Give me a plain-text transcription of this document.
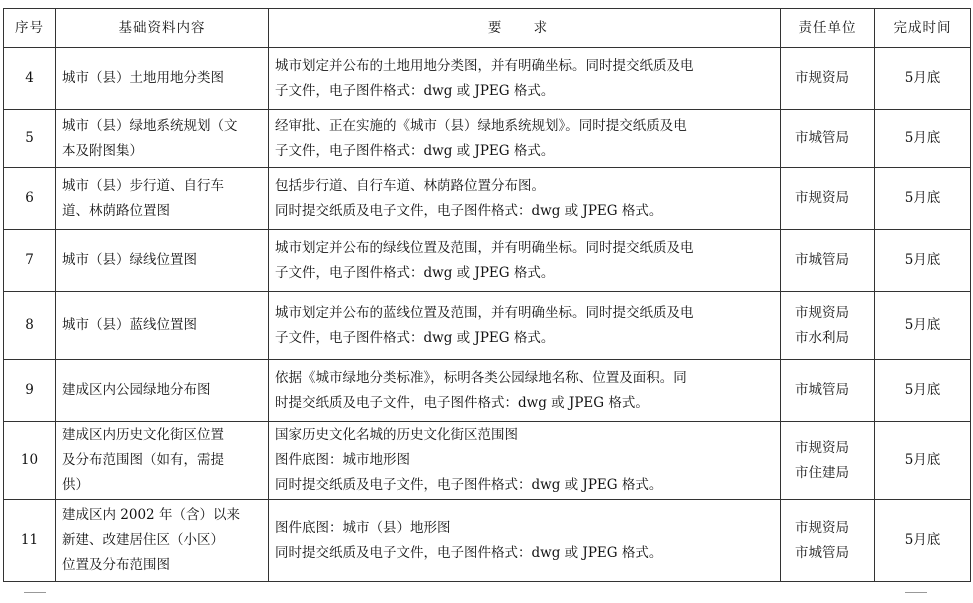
序号	基础资料内容	要 求	责任单位	完成时间
4	城市（县）土地用地分类图	城市划定并公布的土地用地分类图，并有明确坐标。同时提交纸质及电
子文件，电子图件格式：dwg 或 JPEG 格式。	市规资局	5月底
5	城市（县）绿地系统规划（文
本及附图集）	经审批、正在实施的《城市（县）绿地系统规划》。同时提交纸质及电
子文件，电子图件格式：dwg 或 JPEG 格式。	市城管局	5月底
6	城市（县）步行道、自行车
道、林荫路位置图	包括步行道、自行车道、林荫路位置分布图。
同时提交纸质及电子文件，电子图件格式：dwg 或 JPEG 格式。	市规资局	5月底
7	城市（县）绿线位置图	城市划定并公布的绿线位置及范围，并有明确坐标。同时提交纸质及电
子文件，电子图件格式：dwg 或 JPEG 格式。	市城管局	5月底
8	城市（县）蓝线位置图	城市划定并公布的蓝线位置及范围，并有明确坐标。同时提交纸质及电
子文件，电子图件格式：dwg 或 JPEG 格式。	市规资局
市水利局	5月底
9	建成区内公园绿地分布图	依据《城市绿地分类标准》，标明各类公园绿地名称、位置及面积。同
时提交纸质及电子文件，电子图件格式：dwg 或 JPEG 格式。	市城管局	5月底
10	建成区内历史文化街区位置
及分布范围图（如有，需提
供）	国家历史文化名城的历史文化街区范围图
图件底图：城市地形图
同时提交纸质及电子文件，电子图件格式：dwg 或 JPEG 格式。	市规资局
市住建局	5月底
11	建成区内 2002 年（含）以来
新建、改建居住区（小区）
位置及分布范围图	图件底图：城市（县）地形图
同时提交纸质及电子文件，电子图件格式：dwg 或 JPEG 格式。	市规资局
市城管局	5月底
